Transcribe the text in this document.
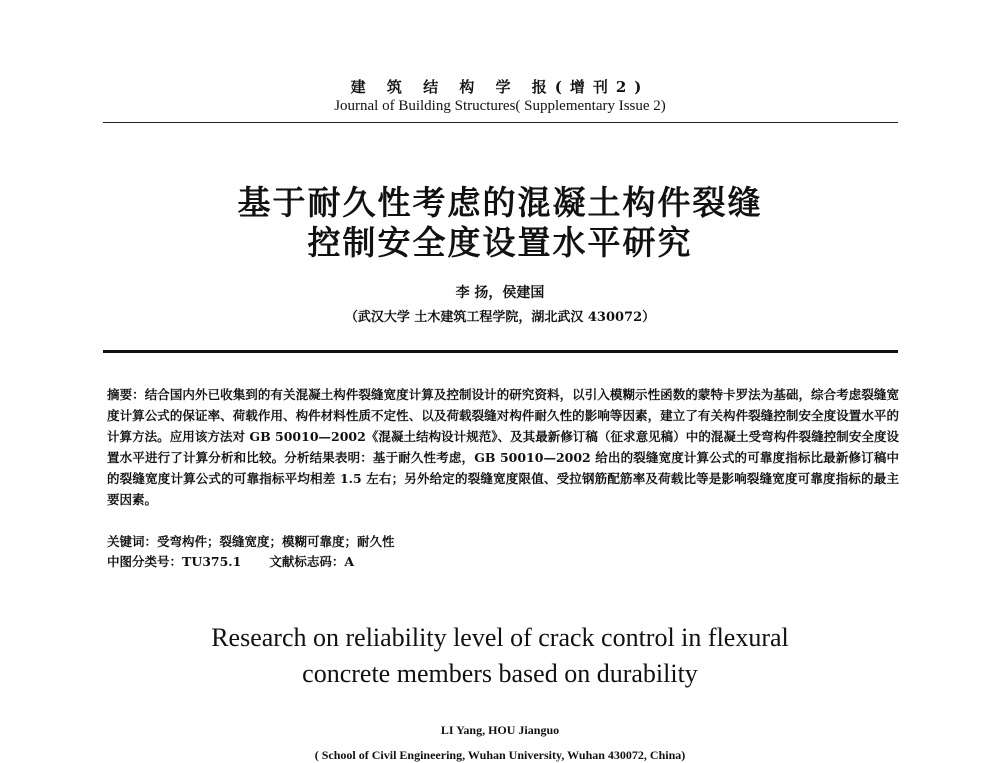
建 筑 结 构 学 报(增刊2)
Journal of Building Structures( Supplementary Issue 2)
基于耐久性考虑的混凝土构件裂缝
控制安全度设置水平研究
李 扬，侯建国
（武汉大学 土木建筑工程学院，湖北武汉 430072）
摘要：结合国内外已收集到的有关混凝土构件裂缝宽度计算及控制设计的研究资料，以引入模糊示性函数的蒙特卡罗法为基础，综合考虑裂缝宽度计算公式的保证率、荷载作用、构件材料性质不定性、以及荷载裂缝对构件耐久性的影响等因素，建立了有关构件裂缝控制安全度设置水平的计算方法。应用该方法对 GB 50010—2002《混凝土结构设计规范》、及其最新修订稿（征求意见稿）中的混凝土受弯构件裂缝控制安全度设置水平进行了计算分析和比较。分析结果表明：基于耐久性考虑，GB 50010—2002 给出的裂缝宽度计算公式的可靠度指标比最新修订稿中的裂缝宽度计算公式的可靠指标平均相差 1.5 左右；另外给定的裂缝宽度限值、受拉钢筋配筋率及荷载比等是影响裂缝宽度可靠度指标的最主要因素。
关键词：受弯构件；裂缝宽度；模糊可靠度；耐久性
中图分类号：TU375.1 文献标志码：A
Research on reliability level of crack control in flexural
concrete members based on durability
LI Yang, HOU Jianguo
( School of Civil Engineering, Wuhan University, Wuhan 430072, China)
